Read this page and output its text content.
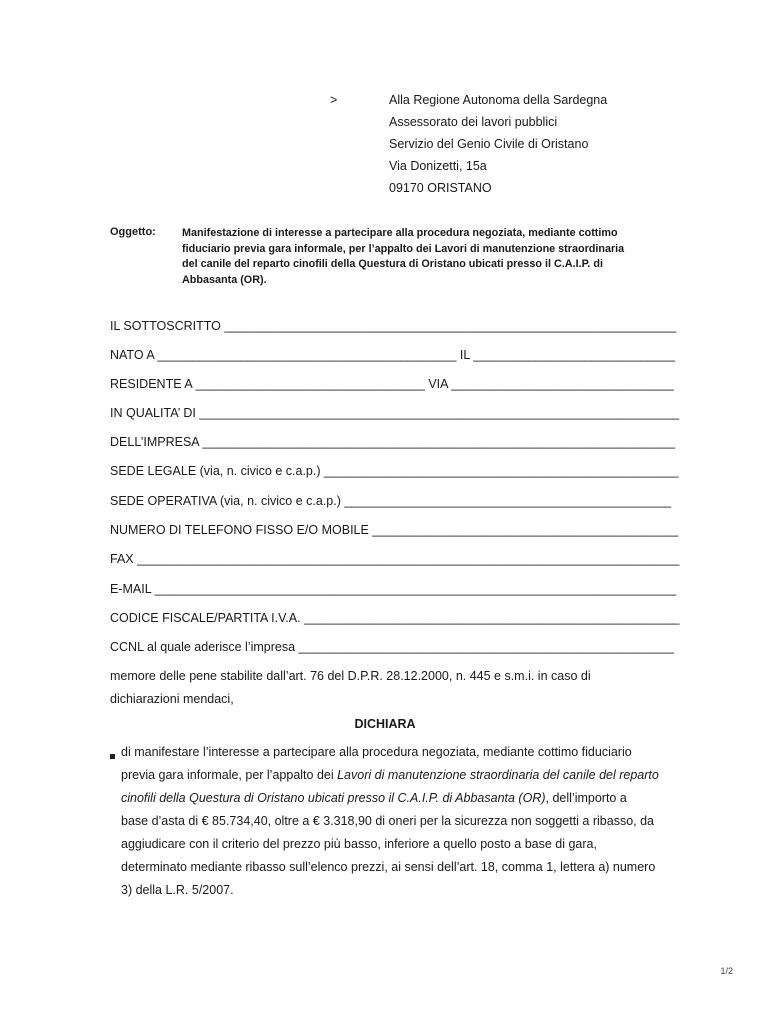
>	Alla Regione Autonoma della Sardegna
Assessorato dei lavori pubblici
Servizio del Genio Civile di Oristano
Via Donizetti, 15a
09170 ORISTANO
Oggetto: Manifestazione di interesse a partecipare alla procedura negoziata, mediante cottimo
fiduciario previa gara informale, per l’appalto dei Lavori di manutenzione straordinaria
del canile del reparto cinofili della Questura di Oristano ubicati presso il C.A.I.P. di
Abbasanta (OR).
IL SOTTOSCRITTO _________________________________________________________________
NATO A ___________________________________________ IL _____________________________
RESIDENTE A _________________________________ VIA ________________________________
IN QUALITA’ DI _____________________________________________________________________
DELL’IMPRESA ____________________________________________________________________
SEDE LEGALE (via, n. civico e c.a.p.) ___________________________________________________
SEDE OPERATIVA (via, n. civico e c.a.p.) _______________________________________________
NUMERO DI TELEFONO FISSO E/O MOBILE ____________________________________________
FAX ______________________________________________________________________________
E-MAIL ___________________________________________________________________________
CODICE FISCALE/PARTITA I.V.A. ______________________________________________________
CCNL al quale aderisce l’impresa ______________________________________________________
memore delle pene stabilite dall’art. 76 del D.P.R. 28.12.2000, n. 445 e s.m.i. in caso di
dichiarazioni mendaci,
DICHIARA
di manifestare l’interesse a partecipare alla procedura negoziata, mediante cottimo fiduciario
previa gara informale, per l’appalto dei Lavori di manutenzione straordinaria del canile del reparto
cinofili della Questura di Oristano ubicati presso il C.A.I.P. di Abbasanta (OR), dell’importo a
base d’asta di € 85.734,40, oltre a € 3.318,90 di oneri per la sicurezza non soggetti a ribasso, da
aggiudicare con il criterio del prezzo più basso, inferiore a quello posto a base di gara,
determinato mediante ribasso sull’elenco prezzi, ai sensi dell’art. 18, comma 1, lettera a) numero
3) della L.R. 5/2007.
1/2
